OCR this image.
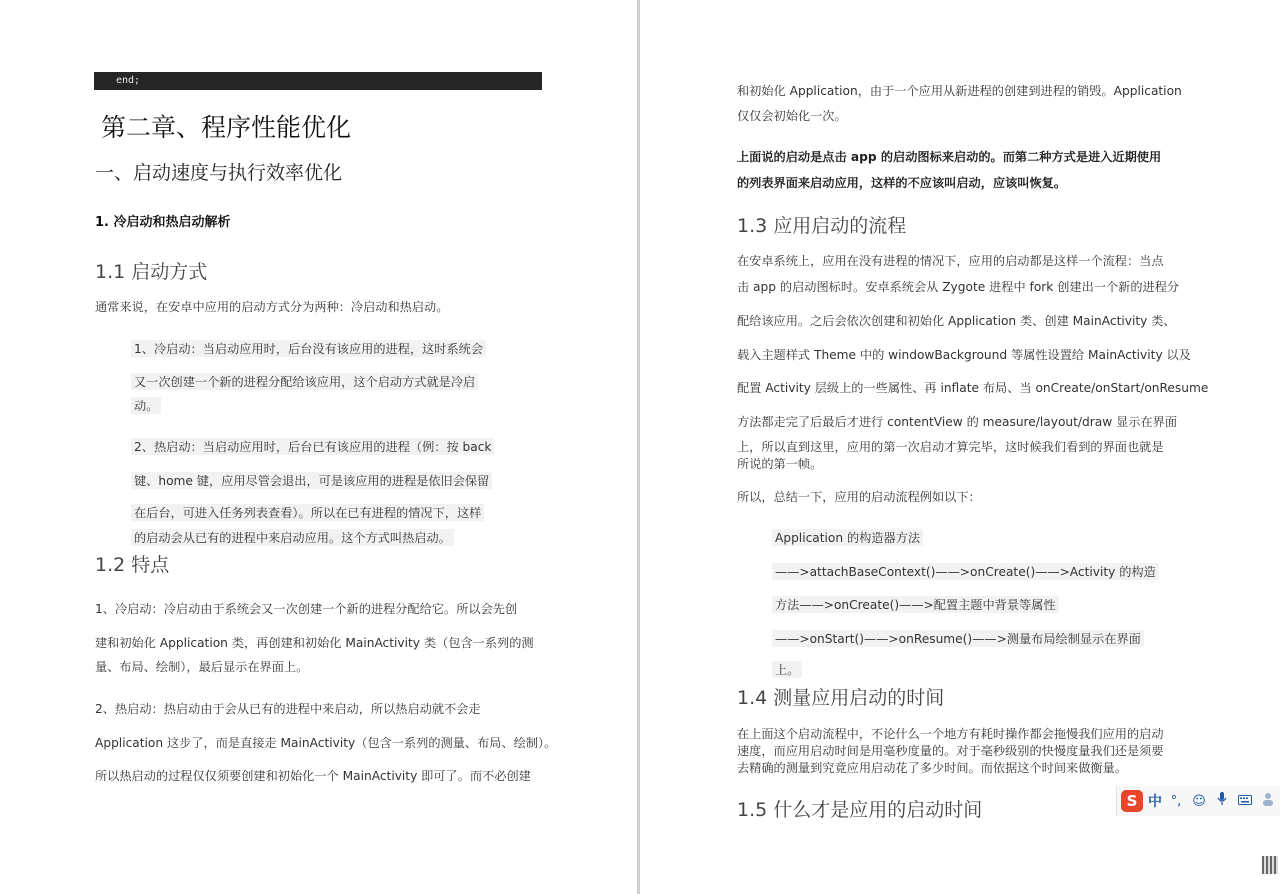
end;
第二章、程序性能优化
一、启动速度与执行效率优化
1. 冷启动和热启动解析
1.1 启动方式
通常来说，在安卓中应用的启动方式分为两种：冷启动和热启动。
1、冷启动：当启动应用时，后台没有该应用的进程，这时系统会
又一次创建一个新的进程分配给该应用，这个启动方式就是冷启
动。
2、热启动：当启动应用时，后台已有该应用的进程（例：按 back
键、home 键，应用尽管会退出，可是该应用的进程是依旧会保留
在后台，可进入任务列表查看）。所以在已有进程的情况下，这样
的启动会从已有的进程中来启动应用。这个方式叫热启动。
1.2 特点
1、冷启动：冷启动由于系统会又一次创建一个新的进程分配给它。所以会先创
建和初始化 Application 类，再创建和初始化 MainActivity 类（包含一系列的测
量、布局、绘制），最后显示在界面上。
2、热启动：热启动由于会从已有的进程中来启动，所以热启动就不会走
Application 这步了，而是直接走 MainActivity（包含一系列的测量、布局、绘制）。
所以热启动的过程仅仅须要创建和初始化一个 MainActivity 即可了。而不必创建
和初始化 Application，由于一个应用从新进程的创建到进程的销毁。Application
仅仅会初始化一次。
上面说的启动是点击 app 的启动图标来启动的。而第二种方式是进入近期使用
的列表界面来启动应用，这样的不应该叫启动，应该叫恢复。
1.3 应用启动的流程
在安卓系统上，应用在没有进程的情况下，应用的启动都是这样一个流程：当点
击 app 的启动图标时。安卓系统会从 Zygote 进程中 fork 创建出一个新的进程分
配给该应用。之后会依次创建和初始化 Application 类、创建 MainActivity 类、
载入主题样式 Theme 中的 windowBackground 等属性设置给 MainActivity 以及
配置 Activity 层级上的一些属性、再 inflate 布局、当 onCreate/onStart/onResume
方法都走完了后最后才进行 contentView 的 measure/layout/draw 显示在界面
上，所以直到这里，应用的第一次启动才算完毕，这时候我们看到的界面也就是
所说的第一帧。
所以，总结一下，应用的启动流程例如以下：
Application 的构造器方法
——>attachBaseContext()——>onCreate()——>Activity 的构造
方法——>onCreate()——>配置主题中背景等属性
——>onStart()——>onResume()——>测量布局绘制显示在界面
上。
1.4 测量应用启动的时间
在上面这个启动流程中，不论什么一个地方有耗时操作都会拖慢我们应用的启动
速度，而应用启动时间是用毫秒度量的。对于毫秒级别的快慢度量我们还是须要
去精确的测量到究竟应用启动花了多少时间。而依据这个时间来做衡量。
1.5 什么才是应用的启动时间	S 中 °, ☺
